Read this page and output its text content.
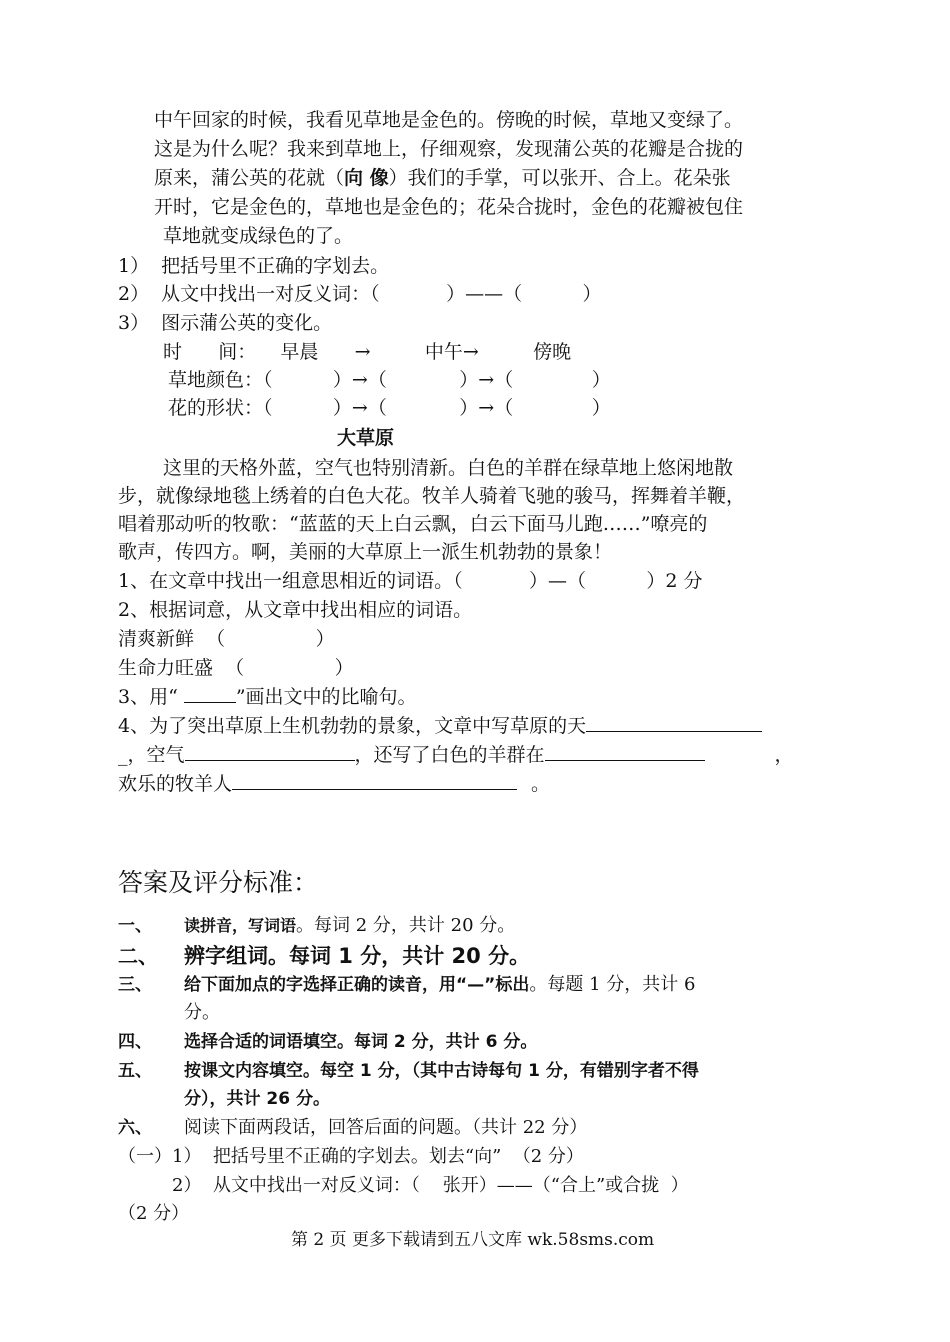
中午回家的时候，我看见草地是金色的。傍晚的时候，草地又变绿了。
这是为什么呢？我来到草地上，仔细观察，发现蒲公英的花瓣是合拢的
原来，蒲公英的花就（向 像）我们的手掌，可以张开、合上。花朵张
开时，它是金色的，草地也是金色的；花朵合拢时，金色的花瓣被包住
草地就变成绿色的了。
1）  把括号里不正确的字划去。
2）  从文中找出一对反义词：（           ）——（          ）
3）  图示蒲公英的变化。
时      间：    早晨      →         中午→         傍晚
草地颜色：（          ）→（            ）→（             ）
花的形状：（          ）→（            ）→（             ）
大草原
这里的天格外蓝，空气也特别清新。白色的羊群在绿草地上悠闲地散
步，就像绿地毯上绣着的白色大花。牧羊人骑着飞驰的骏马，挥舞着羊鞭，
唱着那动听的牧歌：“蓝蓝的天上白云飘，白云下面马儿跑……”嘹亮的
歌声，传四方。啊，美丽的大草原上一派生机勃勃的景象！
1、在文章中找出一组意思相近的词语。（           ）—（          ）2 分
2、根据词意，从文章中找出相应的词语。
清爽新鲜  （               ）
生命力旺盛  （               ）
3、用“	”画出文中的比喻句。
4、为了突出草原上生机勃勃的景象，文章中写草原的天
_，空气	，还写了白色的羊群在	，
欢乐的牧羊人	。
答案及评分标准：
一、 读拼音，写词语。每词 2 分，共计 20 分。
二、 辨字组词。每词 1 分，共计 20 分。
三、 给下面加点的字选择正确的读音，用“—”标出。每题 1 分，共计 6
分。
四、 选择合适的词语填空。每词 2 分，共计 6 分。
五、 按课文内容填空。每空 1 分，（其中古诗每句 1 分，有错别字者不得
分），共计 26 分。
六、 阅读下面两段话，回答后面的问题。（共计 22 分）
（一）1）  把括号里不正确的字划去。划去“向”  （2 分）
2）  从文中找出一对反义词：（    张开）——（“合上”或合拢  ）
（2 分）
第 2 页 更多下载请到五八文库 wk.58sms.com
